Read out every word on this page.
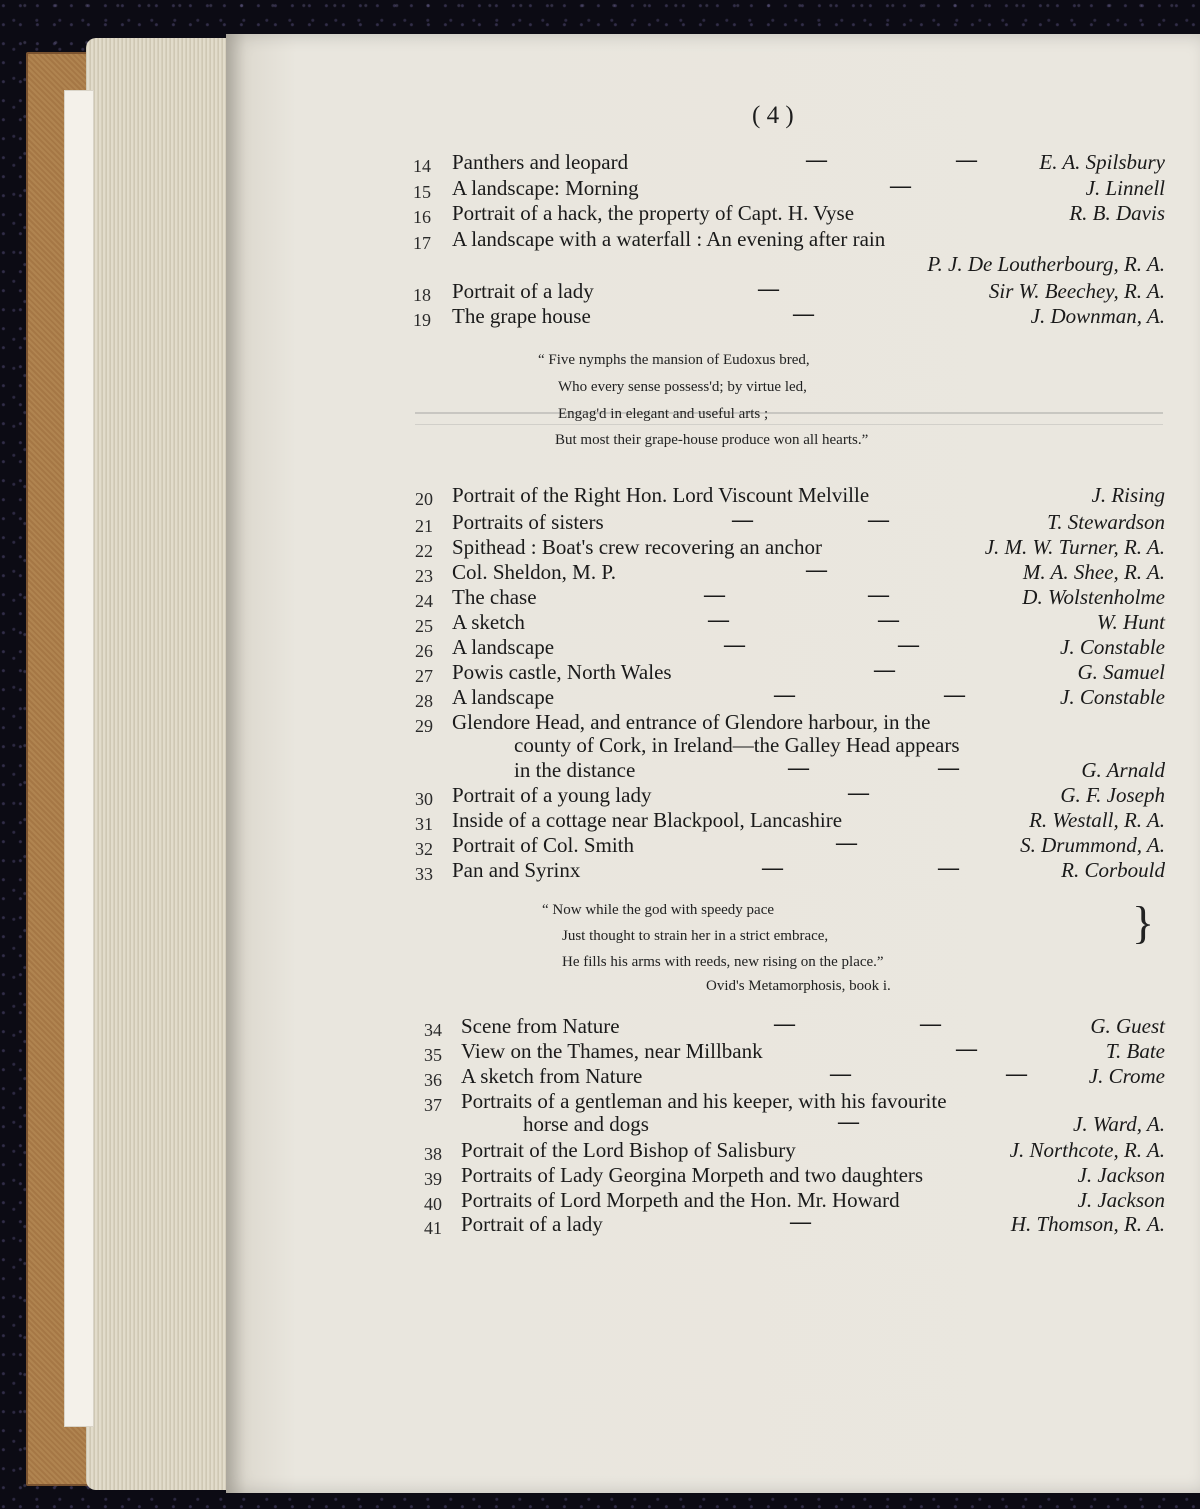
( 4 )
14 Panthers and leopard	—	—	E. A. Spilsbury
15 A landscape: Morning	—	J. Linnell
16 Portrait of a hack, the property of Capt. H. Vyse	R. B. Davis
17 A landscape with a waterfall : An evening after rain
P. J. De Loutherbourg, R. A.
18 Portrait of a lady	—	Sir W. Beechey, R. A.
19 The grape house	—	J. Downman, A.
20 Portrait of the Right Hon. Lord Viscount Melville	J. Rising
21 Portraits of sisters	—	—	T. Stewardson
22 Spithead : Boat's crew recovering an anchor	J. M. W. Turner, R. A.
23 Col. Sheldon, M. P.	—	M. A. Shee, R. A.
24 The chase	—	—	D. Wolstenholme
25 A sketch	—	—	W. Hunt
26 A landscape	—	—	J. Constable
27 Powis castle, North Wales	—	G. Samuel
28 A landscape	—	—	J. Constable
29 Glendore Head, and entrance of Glendore harbour, in the
county of Cork, in Ireland—the Galley Head appears
in the distance	—	—	G. Arnald
30 Portrait of a young lady	—	G. F. Joseph
31 Inside of a cottage near Blackpool, Lancashire	R. Westall, R. A.
32 Portrait of Col. Smith	—	S. Drummond, A.
33 Pan and Syrinx	—	—	R. Corbould
34 Scene from Nature	—	—	G. Guest
35 View on the Thames, near Millbank	—	T. Bate
36 A sketch from Nature	—	—	J. Crome
37 Portraits of a gentleman and his keeper, with his favourite
horse and dogs	—	J. Ward, A.
38 Portrait of the Lord Bishop of Salisbury	J. Northcote, R. A.
39 Portraits of Lady Georgina Morpeth and two daughters	J. Jackson
40 Portraits of Lord Morpeth and the Hon. Mr. Howard	J. Jackson
41 Portrait of a lady	—	H. Thomson, R. A.
“ Five nymphs the mansion of Eudoxus bred,
Who every sense possess'd; by virtue led,
Engag'd in elegant and useful arts ;
But most their grape-house produce won all hearts.”
“ Now while the god with speedy pace
Just thought to strain her in a strict embrace,
He fills his arms with reeds, new rising on the place.”
Ovid's Metamorphosis, book i.
}
